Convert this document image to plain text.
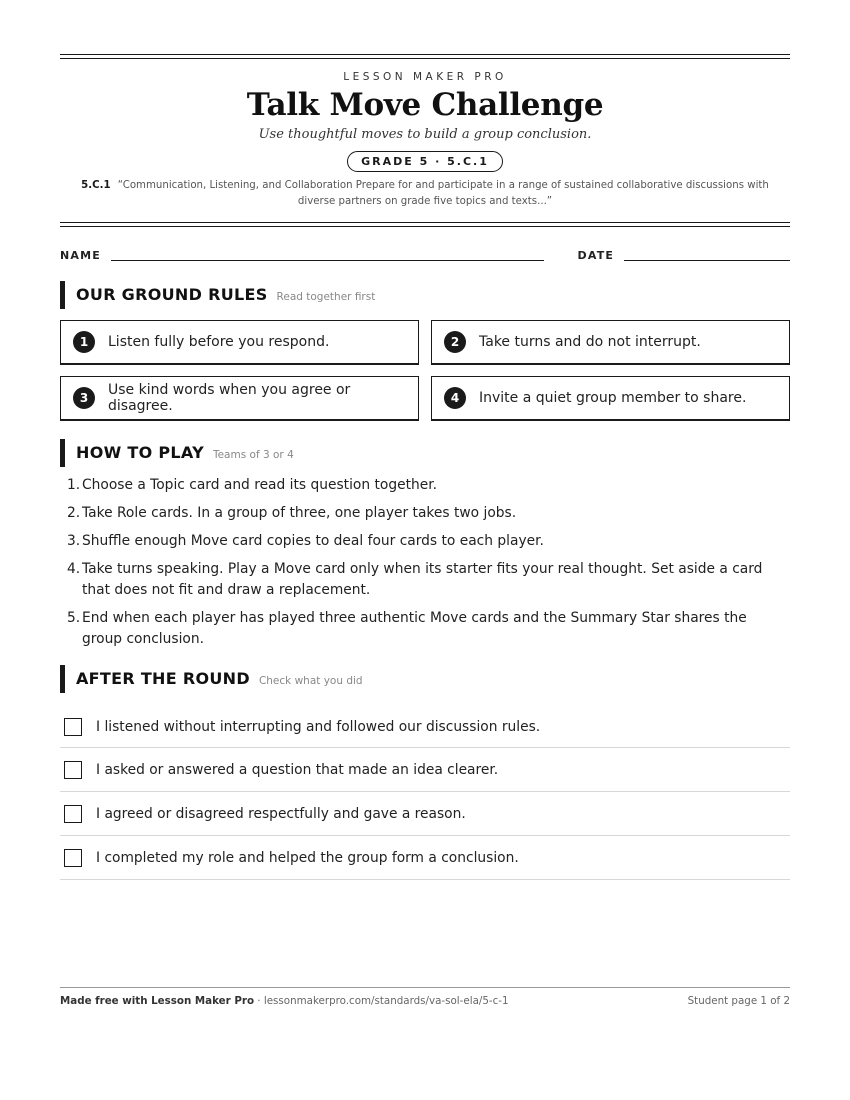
LESSON MAKER PRO
Talk Move Challenge
Use thoughtful moves to build a group conclusion.
GRADE 5 · 5.C.1
5.C.1 “Communication, Listening, and Collaboration Prepare for and participate in a range of sustained collaborative discussions with diverse partners on grade five topics and texts...”
NAME	DATE
OUR GROUND RULES Read together first
1	Listen fully before you respond.	2	Take turns and do not interrupt.
3	Use kind words when you agree or disagree.	4	Invite a quiet group member to share.
HOW TO PLAY Teams of 3 or 4
1. Choose a Topic card and read its question together.
2. Take Role cards. In a group of three, one player takes two jobs.
3. Shuffle enough Move card copies to deal four cards to each player.
4. Take turns speaking. Play a Move card only when its starter fits your real thought. Set aside a card that does not fit and draw a replacement.
5. End when each player has played three authentic Move cards and the Summary Star shares the group conclusion.
AFTER THE ROUND Check what you did
I listened without interrupting and followed our discussion rules.
I asked or answered a question that made an idea clearer.
I agreed or disagreed respectfully and gave a reason.
I completed my role and helped the group form a conclusion.
Made free with Lesson Maker Pro · lessonmakerpro.com/standards/va-sol-ela/5-c-1	Student page 1 of 2
